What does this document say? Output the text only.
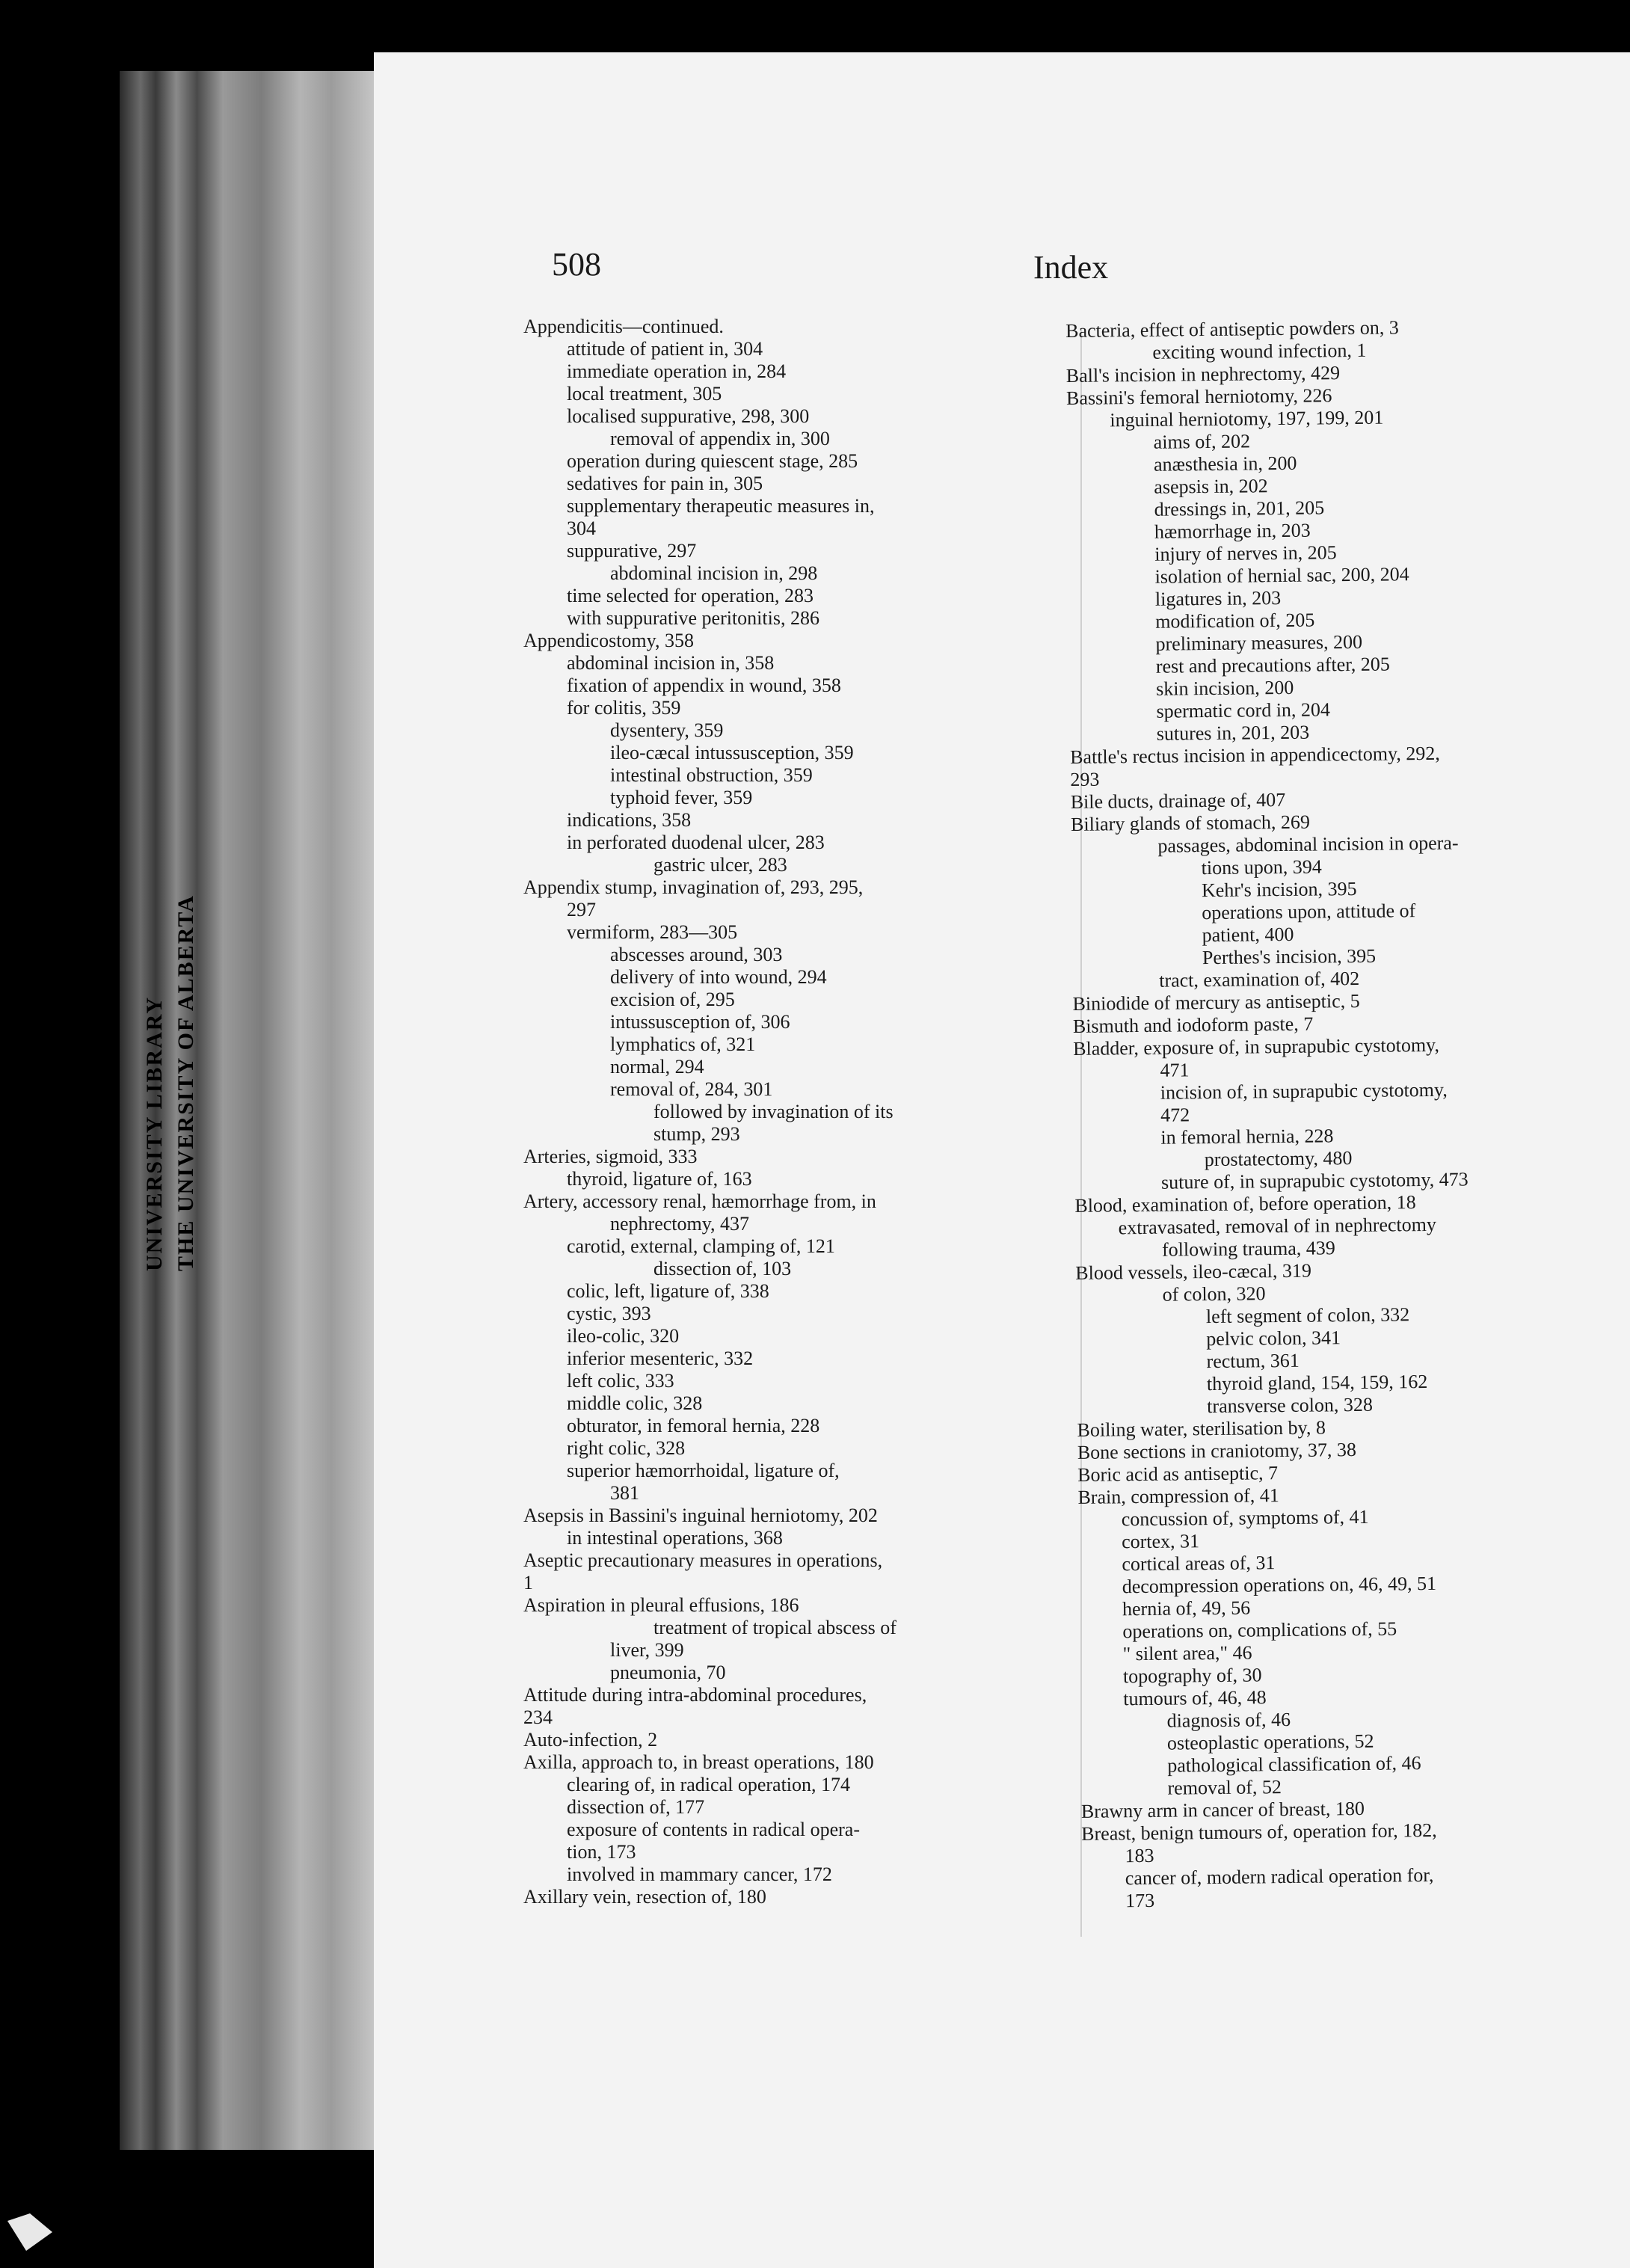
UNIVERSITY LIBRARY THE UNIVERSITY OF ALBERTA
508	Index
Appendicitis—continued.
attitude of patient in, 304
immediate operation in, 284
local treatment, 305
localised suppurative, 298, 300
removal of appendix in, 300
operation during quiescent stage, 285
sedatives for pain in, 305
supplementary therapeutic measures in,
304
suppurative, 297
abdominal incision in, 298
time selected for operation, 283
with suppurative peritonitis, 286
Appendicostomy, 358
abdominal incision in, 358
fixation of appendix in wound, 358
for colitis, 359
dysentery, 359
ileo-cæcal intussusception, 359
intestinal obstruction, 359
typhoid fever, 359
indications, 358
in perforated duodenal ulcer, 283
gastric ulcer, 283
Appendix stump, invagination of, 293, 295,
297
vermiform, 283—305
abscesses around, 303
delivery of into wound, 294
excision of, 295
intussusception of, 306
lymphatics of, 321
normal, 294
removal of, 284, 301
followed by invagination of its
stump, 293
Arteries, sigmoid, 333
thyroid, ligature of, 163
Artery, accessory renal, hæmorrhage from, in
nephrectomy, 437
carotid, external, clamping of, 121
dissection of, 103
colic, left, ligature of, 338
cystic, 393
ileo-colic, 320
inferior mesenteric, 332
left colic, 333
middle colic, 328
obturator, in femoral hernia, 228
right colic, 328
superior hæmorrhoidal, ligature of,
381
Asepsis in Bassini's inguinal herniotomy, 202
in intestinal operations, 368
Aseptic precautionary measures in operations,
1
Aspiration in pleural effusions, 186
treatment of tropical abscess of
liver, 399
pneumonia, 70
Attitude during intra-abdominal procedures,
234
Auto-infection, 2
Axilla, approach to, in breast operations, 180
clearing of, in radical operation, 174
dissection of, 177
exposure of contents in radical opera-
tion, 173
involved in mammary cancer, 172
Axillary vein, resection of, 180
Bacteria, effect of antiseptic powders on, 3
exciting wound infection, 1
Ball's incision in nephrectomy, 429
Bassini's femoral herniotomy, 226
inguinal herniotomy, 197, 199, 201
aims of, 202
anæsthesia in, 200
asepsis in, 202
dressings in, 201, 205
hæmorrhage in, 203
injury of nerves in, 205
isolation of hernial sac, 200, 204
ligatures in, 203
modification of, 205
preliminary measures, 200
rest and precautions after, 205
skin incision, 200
spermatic cord in, 204
sutures in, 201, 203
Battle's rectus incision in appendicectomy, 292,
293
Bile ducts, drainage of, 407
Biliary glands of stomach, 269
passages, abdominal incision in opera-
tions upon, 394
Kehr's incision, 395
operations upon, attitude of
patient, 400
Perthes's incision, 395
tract, examination of, 402
Biniodide of mercury as antiseptic, 5
Bismuth and iodoform paste, 7
Bladder, exposure of, in suprapubic cystotomy,
471
incision of, in suprapubic cystotomy,
472
in femoral hernia, 228
prostatectomy, 480
suture of, in suprapubic cystotomy, 473
Blood, examination of, before operation, 18
extravasated, removal of in nephrectomy
following trauma, 439
Blood vessels, ileo-cæcal, 319
of colon, 320
left segment of colon, 332
pelvic colon, 341
rectum, 361
thyroid gland, 154, 159, 162
transverse colon, 328
Boiling water, sterilisation by, 8
Bone sections in craniotomy, 37, 38
Boric acid as antiseptic, 7
Brain, compression of, 41
concussion of, symptoms of, 41
cortex, 31
cortical areas of, 31
decompression operations on, 46, 49, 51
hernia of, 49, 56
operations on, complications of, 55
" silent area," 46
topography of, 30
tumours of, 46, 48
diagnosis of, 46
osteoplastic operations, 52
pathological classification of, 46
removal of, 52
Brawny arm in cancer of breast, 180
Breast, benign tumours of, operation for, 182,
183
cancer of, modern radical operation for,
173
